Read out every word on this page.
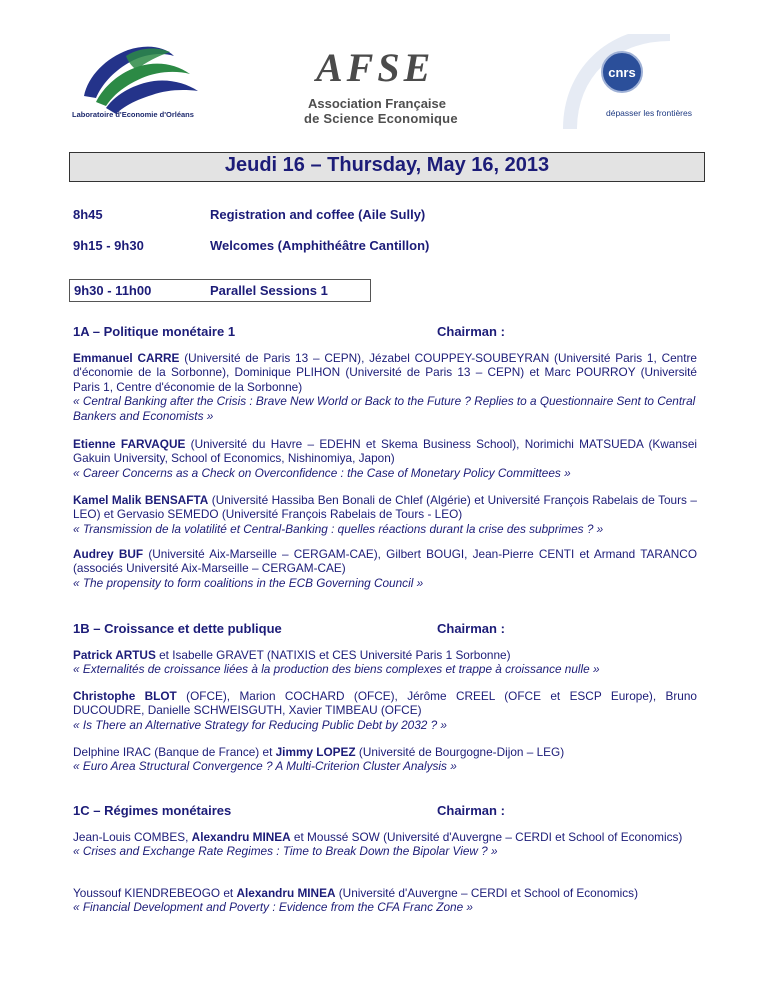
Laboratoire d'Economie d'Orléans
AFSE
Association Française
de Science Economique
cnrs
dépasser les frontières
Jeudi 16 – Thursday, May 16, 2013
8h45	Registration and coffee (Aile Sully)
9h15 - 9h30	Welcomes (Amphithéâtre Cantillon)
9h30 - 11h00	Parallel Sessions 1
1A – Politique monétaire 1	Chairman :
Emmanuel CARRE (Université de Paris 13 – CEPN), Jézabel COUPPEY-SOUBEYRAN (Université Paris 1, Centre d'économie de la Sorbonne), Dominique PLIHON (Université de Paris 13 – CEPN) et Marc POURROY (Université Paris 1, Centre d'économie de la Sorbonne)
« Central Banking after the Crisis : Brave New World or Back to the Future ? Replies to a Questionnaire Sent to Central Bankers and Economists »
Etienne FARVAQUE (Université du Havre – EDEHN et Skema Business School), Norimichi MATSUEDA (Kwansei Gakuin University, School of Economics, Nishinomiya, Japon)
« Career Concerns as a Check on Overconfidence : the Case of Monetary Policy Committees »
Kamel Malik BENSAFTA (Université Hassiba Ben Bonali de Chlef (Algérie) et Université François Rabelais de Tours – LEO) et Gervasio SEMEDO (Université François Rabelais de Tours - LEO)
« Transmission de la volatilité et Central-Banking : quelles réactions durant la crise des subprimes ? »
Audrey BUF (Université Aix-Marseille – CERGAM-CAE), Gilbert BOUGI, Jean-Pierre CENTI et Armand TARANCO (associés Université Aix-Marseille – CERGAM-CAE)
« The propensity to form coalitions in the ECB Governing Council »
1B – Croissance et dette publique	Chairman :
Patrick ARTUS et Isabelle GRAVET (NATIXIS et CES Université Paris 1 Sorbonne)
« Externalités de croissance liées à la production des biens complexes et trappe à croissance nulle »
Christophe BLOT (OFCE), Marion COCHARD (OFCE), Jérôme CREEL (OFCE et ESCP Europe), Bruno DUCOUDRE, Danielle SCHWEISGUTH, Xavier TIMBEAU (OFCE)
« Is There an Alternative Strategy for Reducing Public Debt by 2032 ? »
Delphine IRAC (Banque de France) et Jimmy LOPEZ (Université de Bourgogne-Dijon – LEG)
« Euro Area Structural Convergence ? A Multi-Criterion Cluster Analysis »
1C – Régimes monétaires	Chairman :
Jean-Louis COMBES, Alexandru MINEA et Moussé SOW (Université d'Auvergne – CERDI et School of Economics)
« Crises and Exchange Rate Regimes : Time to Break Down the Bipolar View ? »
Youssouf KIENDREBEOGO et Alexandru MINEA (Université d'Auvergne – CERDI et School of Economics)
« Financial Development and Poverty : Evidence from the CFA Franc Zone »
